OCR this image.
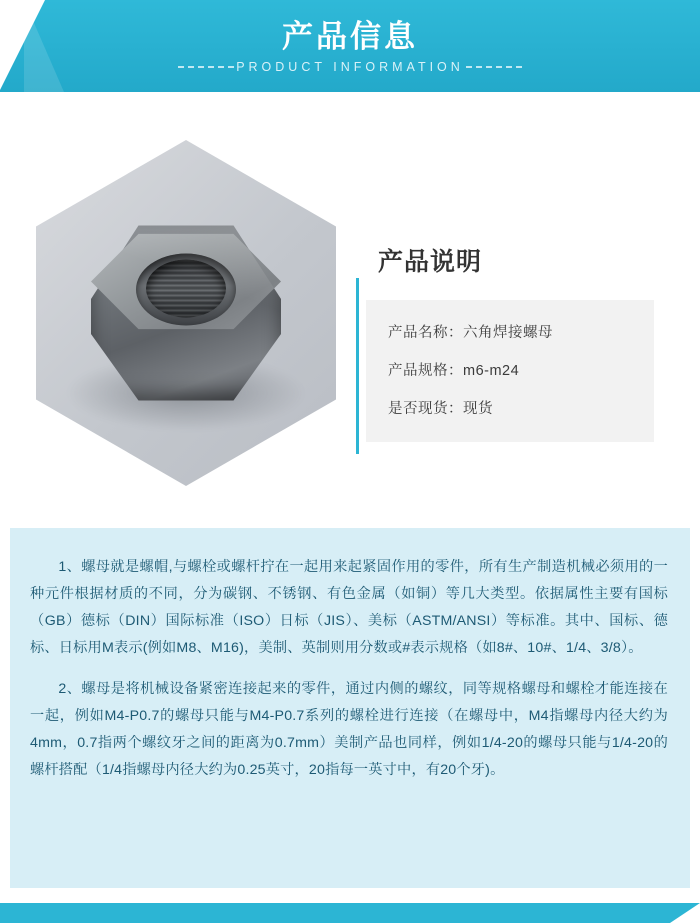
产品信息
PRODUCT INFORMATION
产品说明
产品名称：六角焊接螺母
产品规格：m6-m24
是否现货：现货

1、螺母就是螺帽,与螺栓或螺杆拧在一起用来起紧固作用的零件，所有生产制造机械必须用的一种元件根据材质的不同，分为碳钢、不锈钢、有色金属（如铜）等几大类型。依据属性主要有国标（GB）德标（DIN）国际标准（ISO）日标（JIS）、美标（ASTM/ANSI）等标准。其中、国标、德标、日标用M表示(例如M8、M16)，美制、英制则用分数或#表示规格（如8#、10#、1/4、3/8）。

2、螺母是将机械设备紧密连接起来的零件，通过内侧的螺纹，同等规格螺母和螺栓才能连接在一起，例如M4-P0.7的螺母只能与M4-P0.7系列的螺栓进行连接（在螺母中，M4指螺母内径大约为4mm，0.7指两个螺纹牙之间的距离为0.7mm）美制产品也同样，例如1/4-20的螺母只能与1/4-20的螺杆搭配（1/4指螺母内径大约为0.25英寸，20指每一英寸中，有20个牙)。
